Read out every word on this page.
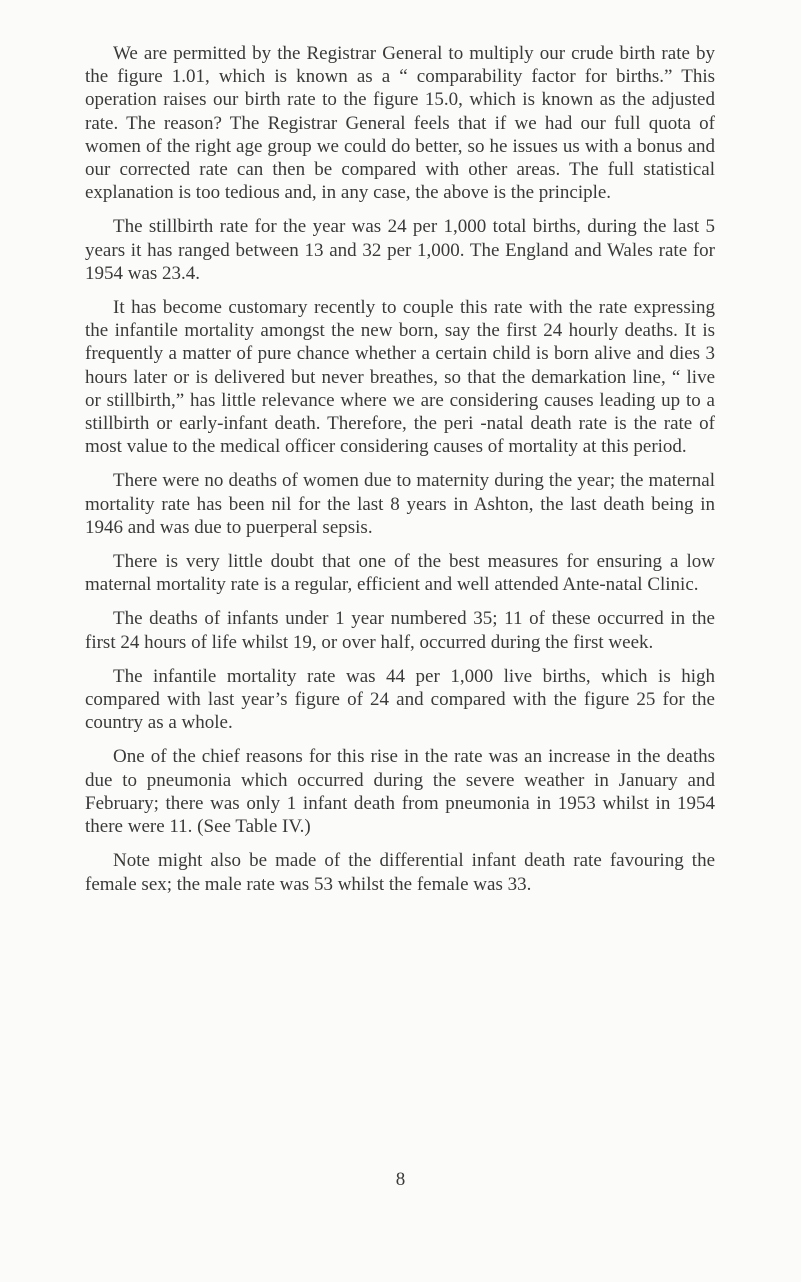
We are permitted by the Registrar General to multiply our crude birth rate by the figure 1.01, which is known as a “ comparability factor for births.” This operation raises our birth rate to the figure 15.0, which is known as the adjusted rate. The reason? The Registrar General feels that if we had our full quota of women of the right age group we could do better, so he issues us with a bonus and our corrected rate can then be compared with other areas. The full statistical explanation is too tedious and, in any case, the above is the principle.

The stillbirth rate for the year was 24 per 1,000 total births, during the last 5 years it has ranged between 13 and 32 per 1,000. The England and Wales rate for 1954 was 23.4.

It has become customary recently to couple this rate with the rate expressing the infantile mortality amongst the new born, say the first 24 hourly deaths. It is frequently a matter of pure chance whether a certain child is born alive and dies 3 hours later or is delivered but never breathes, so that the demarkation line, “ live or stillbirth,” has little relevance where we are considering causes leading up to a stillbirth or early-infant death. Therefore, the peri -natal death rate is the rate of most value to the medical officer considering causes of mortality at this period.

There were no deaths of women due to maternity during the year; the maternal mortality rate has been nil for the last 8 years in Ashton, the last death being in 1946 and was due to puerperal sepsis.

There is very little doubt that one of the best measures for ensuring a low maternal mortality rate is a regular, efficient and well attended Ante-natal Clinic.

The deaths of infants under 1 year numbered 35; 11 of these occurred in the first 24 hours of life whilst 19, or over half, occurred during the first week.

The infantile mortality rate was 44 per 1,000 live births, which is high compared with last year’s figure of 24 and compared with the figure 25 for the country as a whole.

One of the chief reasons for this rise in the rate was an increase in the deaths due to pneumonia which occurred during the severe weather in January and February; there was only 1 infant death from pneumonia in 1953 whilst in 1954 there were 11. (See Table IV.)

Note might also be made of the differential infant death rate favouring the female sex; the male rate was 53 whilst the female was 33.

8
